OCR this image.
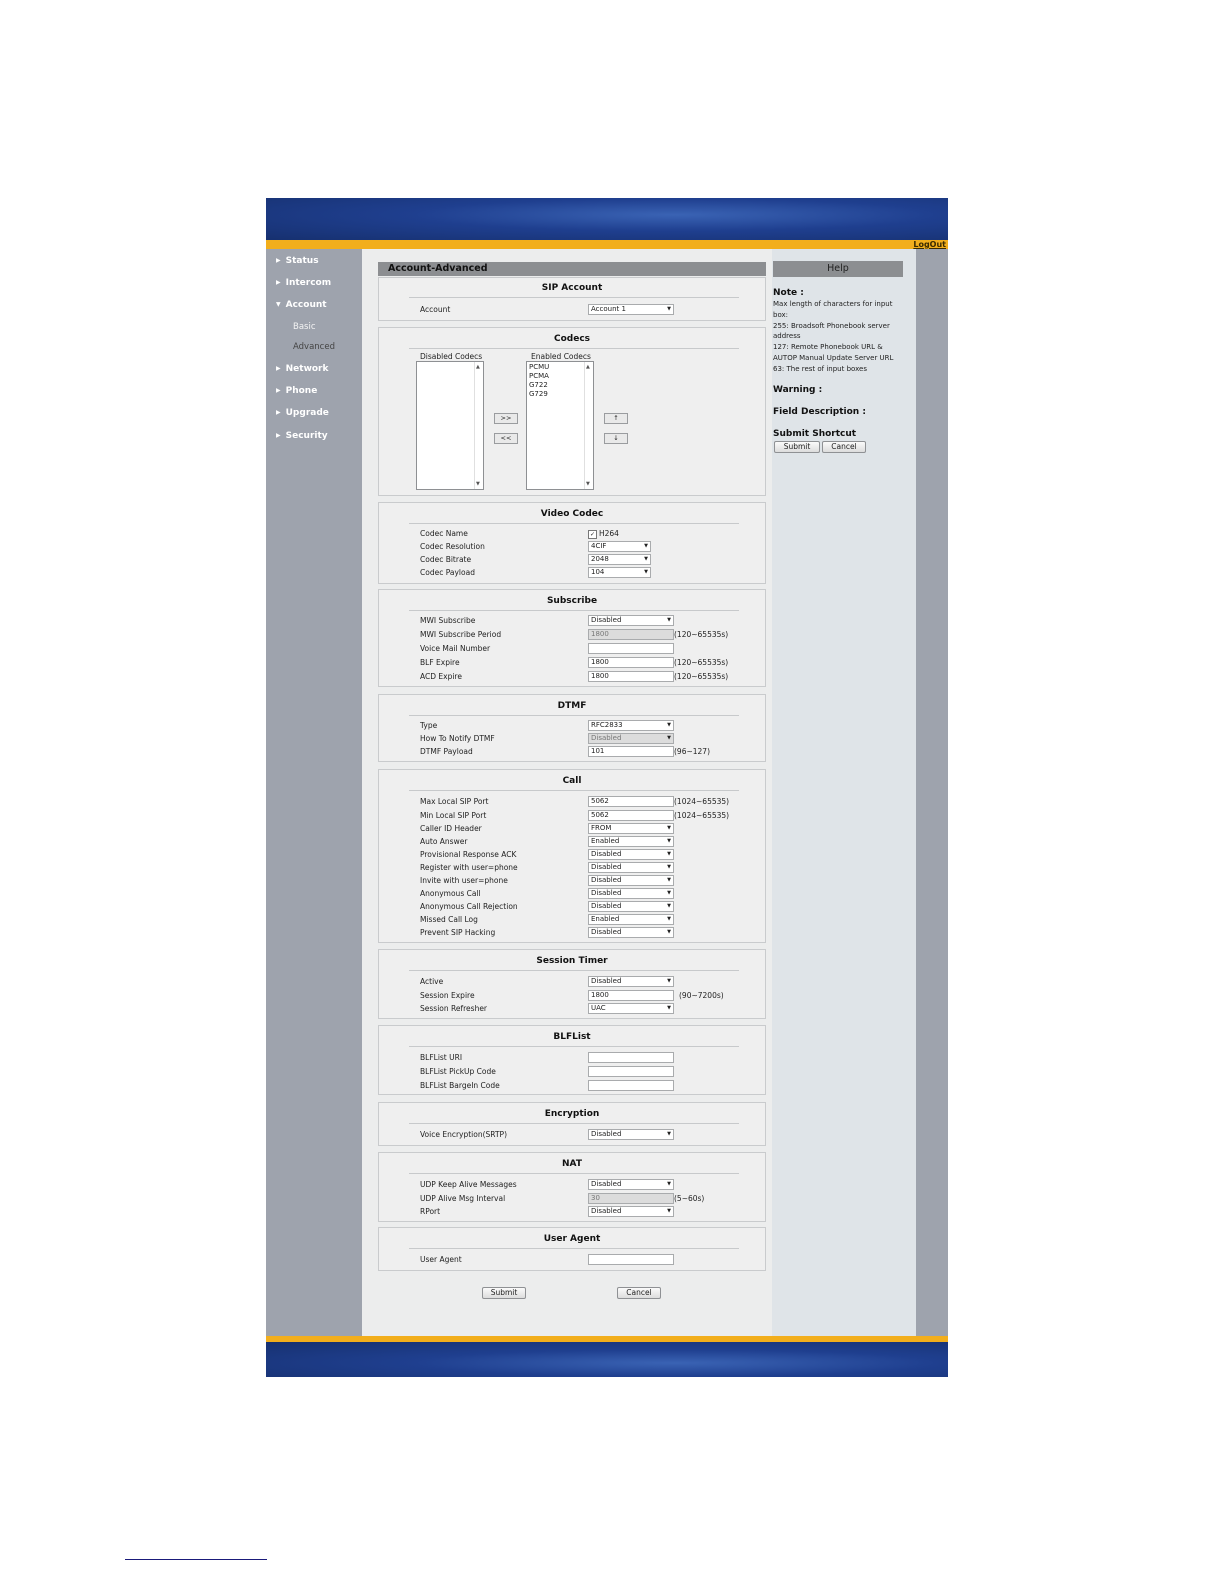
LogOut
▶ Status
▶ Intercom
▼ Account
Basic
Advanced
▶ Network
▶ Phone
▶ Upgrade
▶ Security
Account-Advanced
SIP Account
Account	Account 1 ▼
Codecs
Disabled Codecs	Enabled Codecs
▲
▼
PCMU
PCMA
G722
G729
▲
▼
>>
<<
↑
↓
Video Codec
Codec Name	✓ H264
Codec Resolution	4CIF ▼
Codec Bitrate	2048 ▼
Codec Payload	104 ▼
Subscribe
MWI Subscribe	Disabled ▼
MWI Subscribe Period	1800	(120~65535s)
Voice Mail Number
BLF Expire	1800	(120~65535s)
ACD Expire	1800	(120~65535s)
DTMF
Type	RFC2833 ▼
How To Notify DTMF	Disabled ▼
DTMF Payload	101	(96~127)
Call
Max Local SIP Port	5062	(1024~65535)
Min Local SIP Port	5062	(1024~65535)
Caller ID Header	FROM ▼
Auto Answer	Enabled ▼
Provisional Response ACK	Disabled ▼
Register with user=phone	Disabled ▼
Invite with user=phone	Disabled ▼
Anonymous Call	Disabled ▼
Anonymous Call Rejection	Disabled ▼
Missed Call Log	Enabled ▼
Prevent SIP Hacking	Disabled ▼
Session Timer
Active	Disabled ▼
Session Expire	1800	(90~7200s)
Session Refresher	UAC ▼
BLFList
BLFList URI
BLFList PickUp Code
BLFList BargeIn Code
Encryption
Voice Encryption(SRTP)	Disabled ▼
NAT
UDP Keep Alive Messages	Disabled ▼
UDP Alive Msg Interval	30	(5~60s)
RPort	Disabled ▼
User Agent
User Agent
Submit	Cancel
Help
Note :
Max length of characters for input box:
255: Broadsoft Phonebook server address
127: Remote Phonebook URL & AUTOP Manual Update Server URL
63: The rest of input boxes
Warning :
Field Description :
Submit Shortcut
Submit	Cancel
